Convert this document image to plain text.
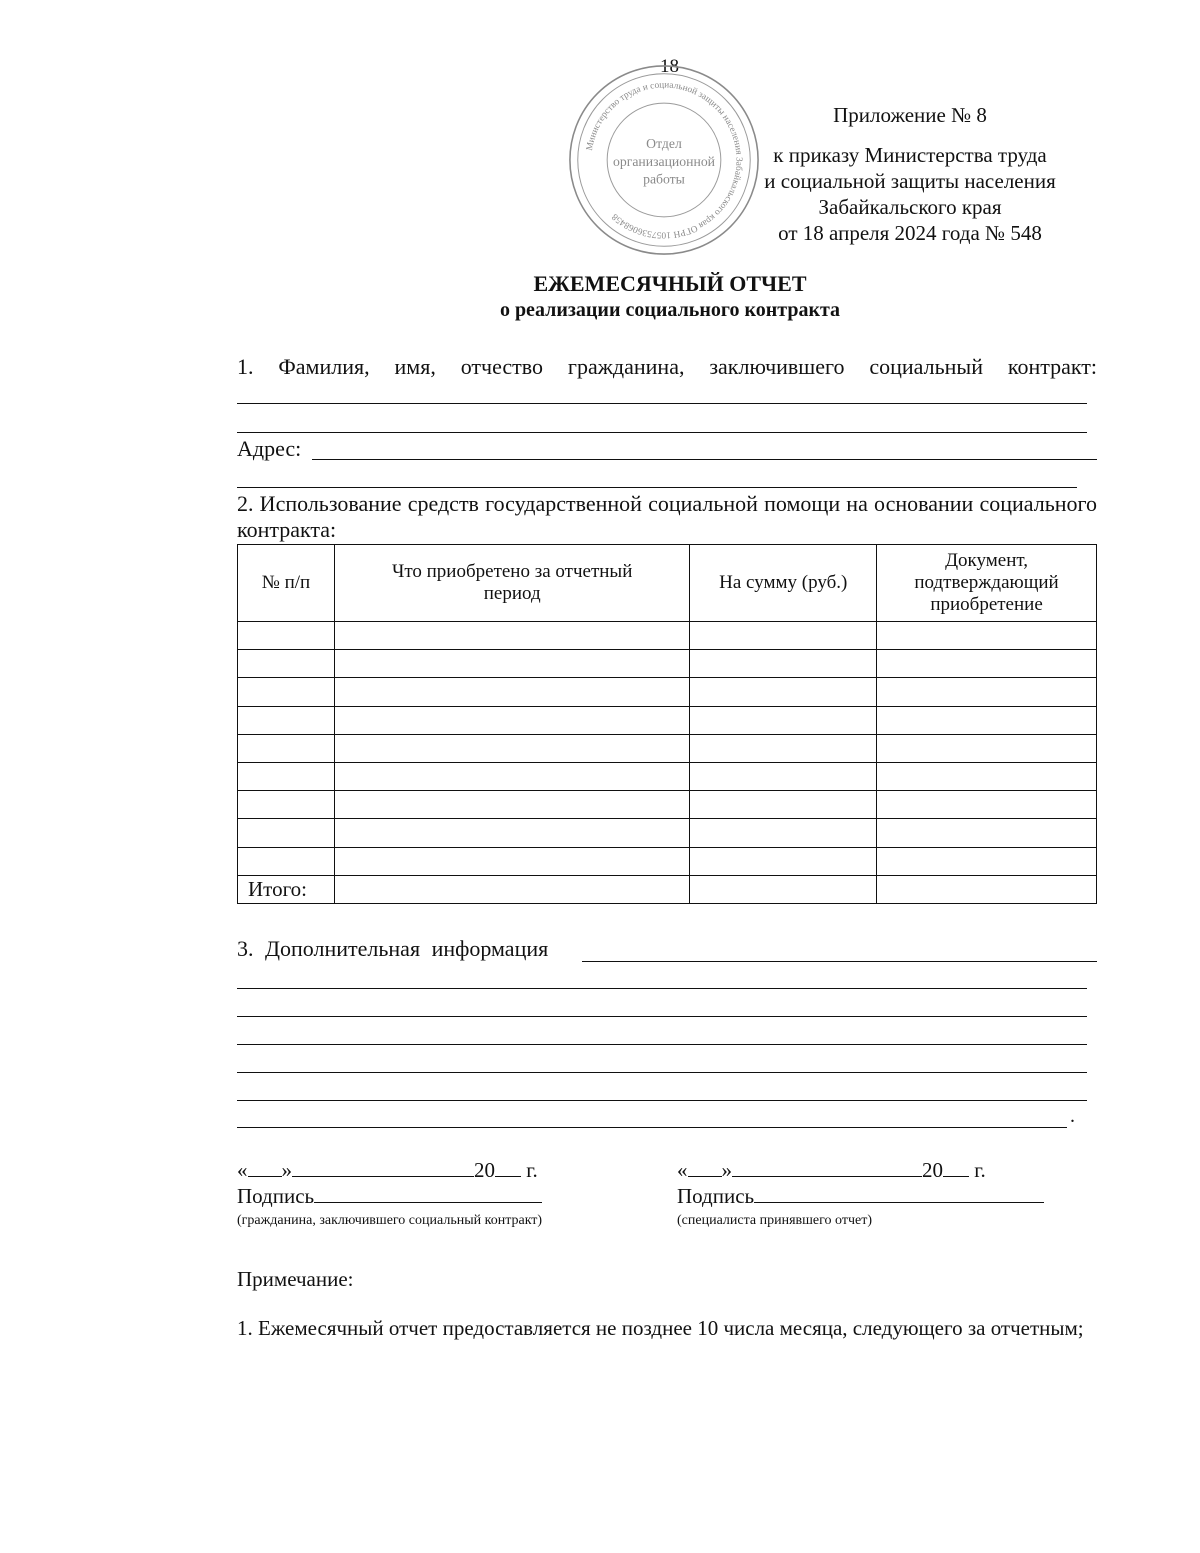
18
Министерство труда и социальной защиты населения Забайкальского края ОГРН 1057536068458
Отдел
организационной
работы
Приложение № 8
к приказу Министерства труда
и социальной защиты населения
Забайкальского края
от 18 апреля 2024 года № 548
ЕЖЕМЕСЯЧНЫЙ ОТЧЕТ
о реализации социального контракта
1. Фамилия, имя, отчество гражданина, заключившего социальный контракт:
Адрес:
2. Использование средств государственной социальной помощи на основании социального контракта:
№ п/п	Что приобретено за отчетный период	На сумму (руб.)	Документ, подтверждающий приобретение

Итого:			
3. Дополнительная информация
.
« »	20 г.
Подпись
(гражданина, заключившего социальный контракт)
« »	20 г.
Подпись
(специалиста принявшего отчет)
Примечание:
1. Ежемесячный отчет предоставляется не позднее 10 числа месяца, следующего за отчетным;
